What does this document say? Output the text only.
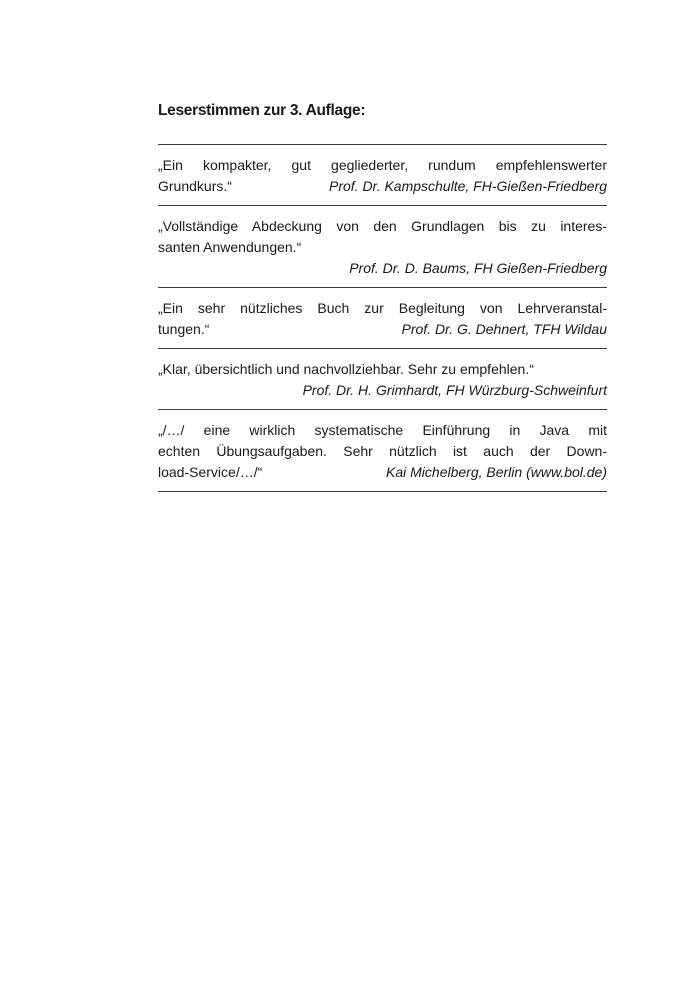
Leserstimmen zur 3. Auflage:

„Ein kompakter, gut gegliederter, rundum empfehlenswerter

Prof. Dr. Kampschulte, FH-Gießen-Friedberg
Grundkurs.“

„Vollständige Abdeckung von den Grundlagen bis zu interes-

santen Anwendungen.“

Prof. Dr. D. Baums, FH Gießen-Friedberg

„Ein sehr nützliches Buch zur Begleitung von Lehrveranstal-

Prof. Dr. G. Dehnert, TFH Wildau
tungen.“

„Klar, übersichtlich und nachvollziehbar. Sehr zu empfehlen.“

Prof. Dr. H. Grimhardt, FH Würzburg-Schweinfurt

„/…/ eine wirklich systematische Einführung in Java mit

echten Übungsaufgaben. Sehr nützlich ist auch der Down-

Kai Michelberg, Berlin (www.bol.de)
load-Service/…/“
